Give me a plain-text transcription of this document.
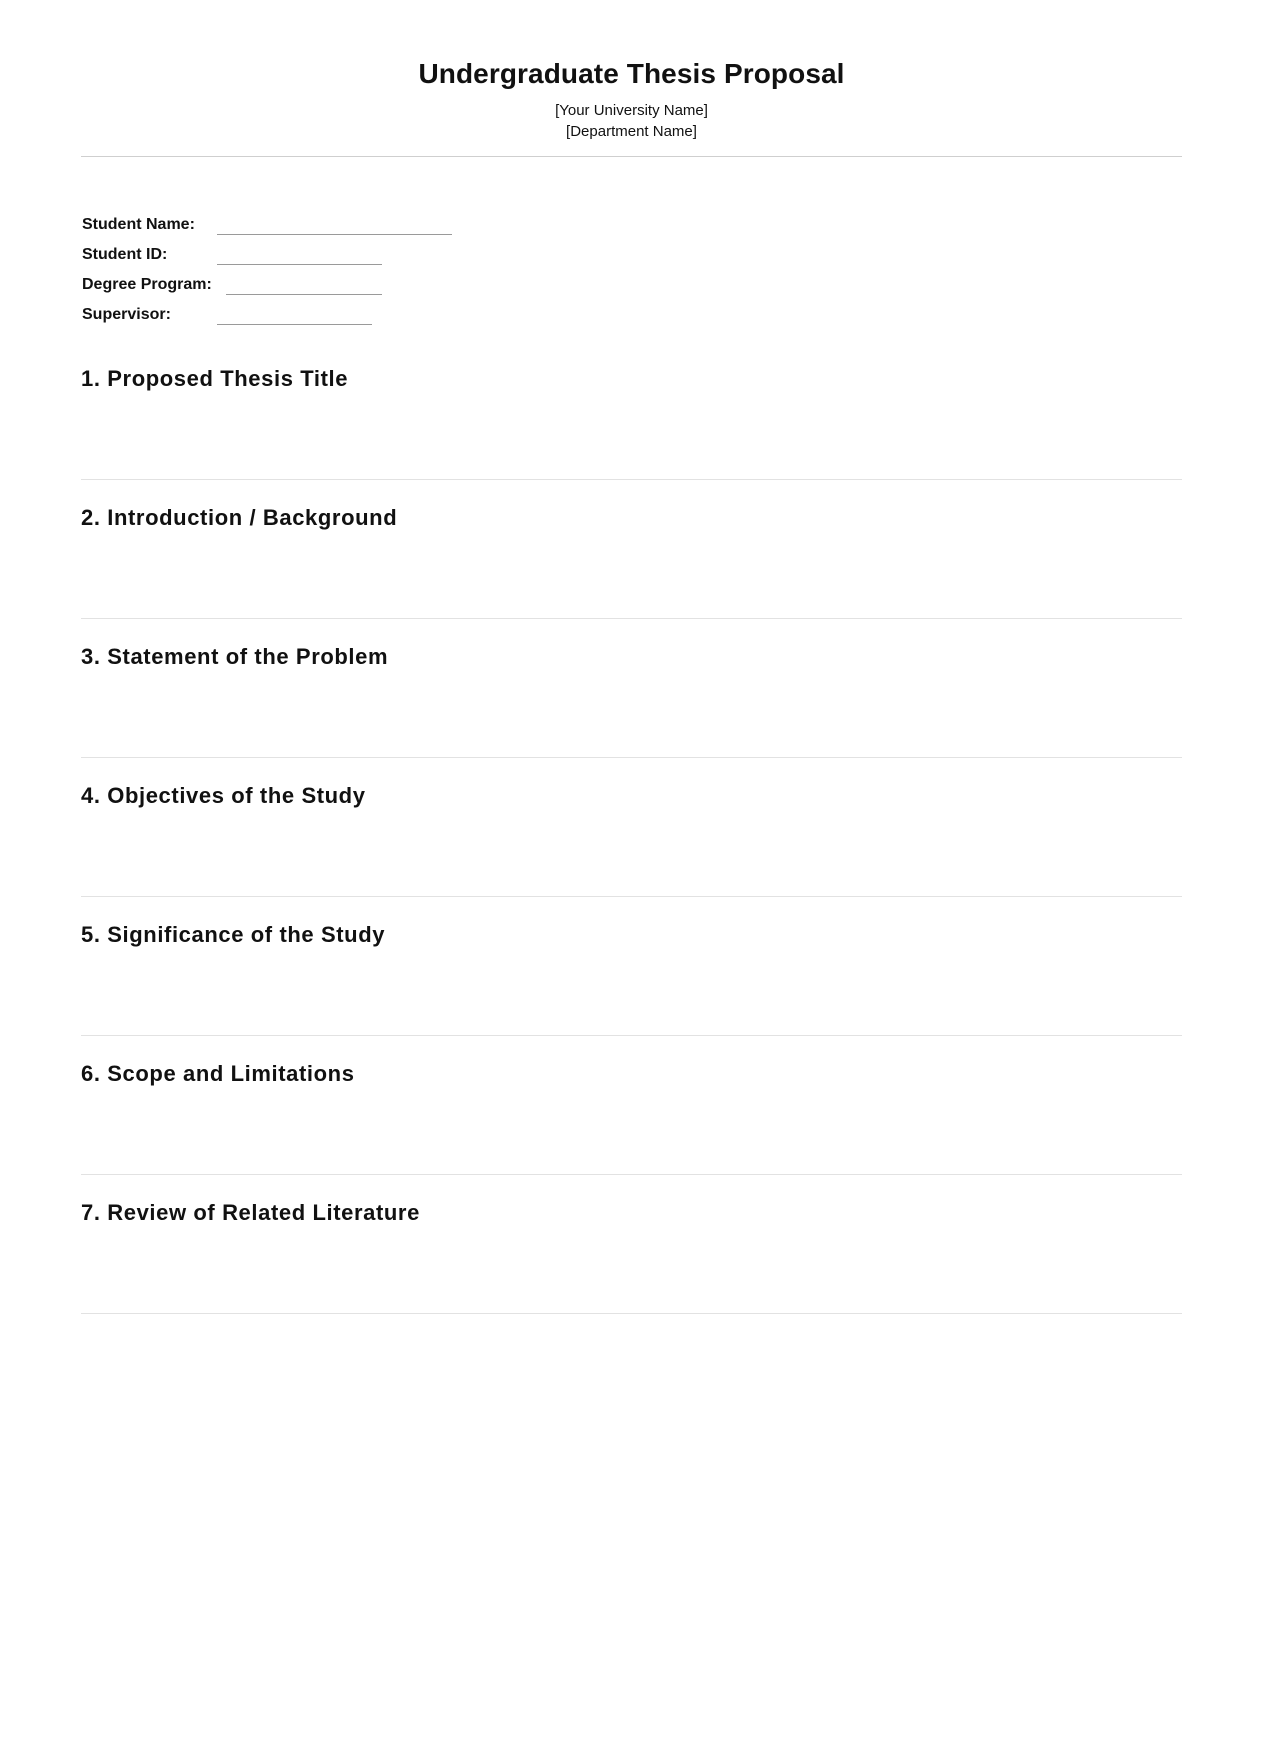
Undergraduate Thesis Proposal

[Your University Name]

[Department Name]

Student Name:
Student ID:
Degree Program:
Supervisor:
1. Proposed Thesis Title
2. Introduction / Background
3. Statement of the Problem
4. Objectives of the Study
5. Significance of the Study
6. Scope and Limitations
7. Review of Related Literature
